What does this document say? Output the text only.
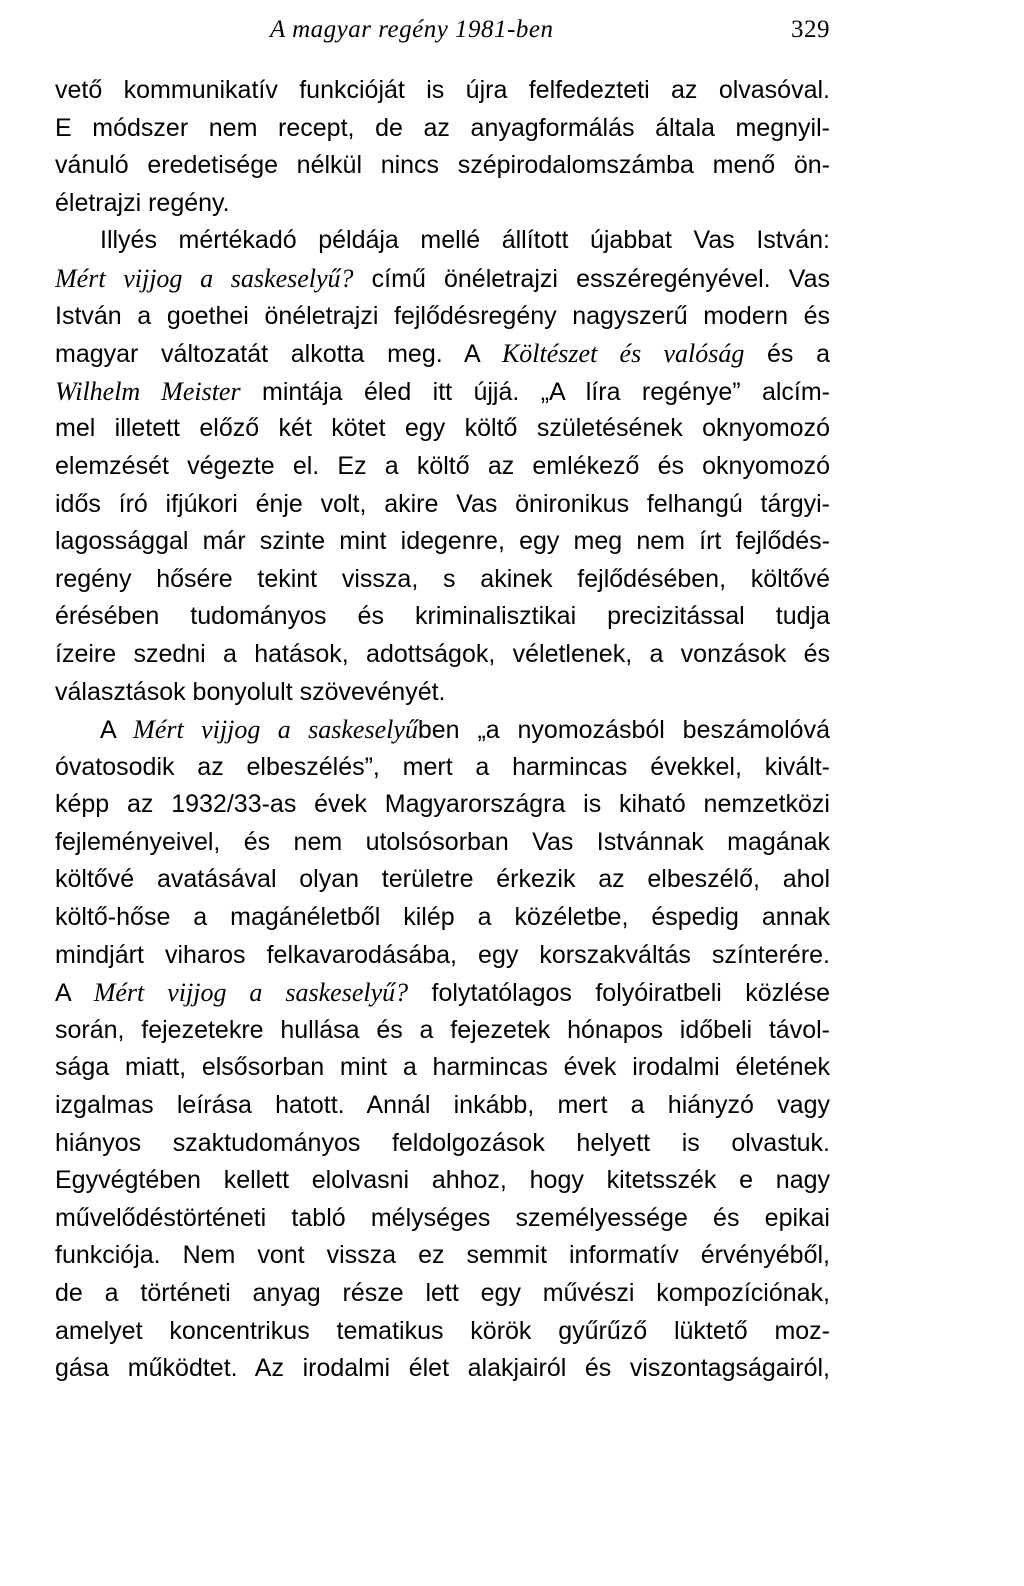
A magyar regény 1981-ben	329
vető kommunikatív funkcióját is újra felfedezteti az olvasóval.
E módszer nem recept, de az anyagformálás általa megnyil-
vánuló eredetisége nélkül nincs szépirodalomszámba menő ön-
életrajzi regény.
Illyés mértékadó példája mellé állított újabbat Vas István:
Mért vijjog a saskeselyű? című önéletrajzi esszéregényével. Vas
István a goethei önéletrajzi fejlődésregény nagyszerű modern és
magyar változatát alkotta meg. A Költészet és valóság és a
Wilhelm Meister mintája éled itt újjá. „A líra regénye” alcím-
mel illetett előző két kötet egy költő születésének oknyomozó
elemzését végezte el. Ez a költő az emlékező és oknyomozó
idős író ifjúkori énje volt, akire Vas önironikus felhangú tárgyi-
lagossággal már szinte mint idegenre, egy meg nem írt fejlődés-
regény hősére tekint vissza, s akinek fejlődésében, költővé
érésében tudományos és kriminalisztikai precizitással tudja
ízeire szedni a hatások, adottságok, véletlenek, a vonzások és
választások bonyolult szövevényét.
A Mért vijjog a saskeselyűben „a nyomozásból beszámolóvá
óvatosodik az elbeszélés”, mert a harmincas évekkel, kivált-
képp az 1932/33-as évek Magyarországra is kiható nemzetközi
fejleményeivel, és nem utolsósorban Vas Istvánnak magának
költővé avatásával olyan területre érkezik az elbeszélő, ahol
költő-hőse a magánéletből kilép a közéletbe, éspedig annak
mindjárt viharos felkavarodásába, egy korszakváltás színterére.
A Mért vijjog a saskeselyű? folytatólagos folyóiratbeli közlése
során, fejezetekre hullása és a fejezetek hónapos időbeli távol-
sága miatt, elsősorban mint a harmincas évek irodalmi életének
izgalmas leírása hatott. Annál inkább, mert a hiányzó vagy
hiányos szaktudományos feldolgozások helyett is olvastuk.
Egyvégtében kellett elolvasni ahhoz, hogy kitetsszék e nagy
művelődéstörténeti tabló mélységes személyessége és epikai
funkciója. Nem vont vissza ez semmit informatív érvényéből,
de a történeti anyag része lett egy művészi kompozíciónak,
amelyet koncentrikus tematikus körök gyűrűző lüktető moz-
gása működtet. Az irodalmi élet alakjairól és viszontagságairól,
